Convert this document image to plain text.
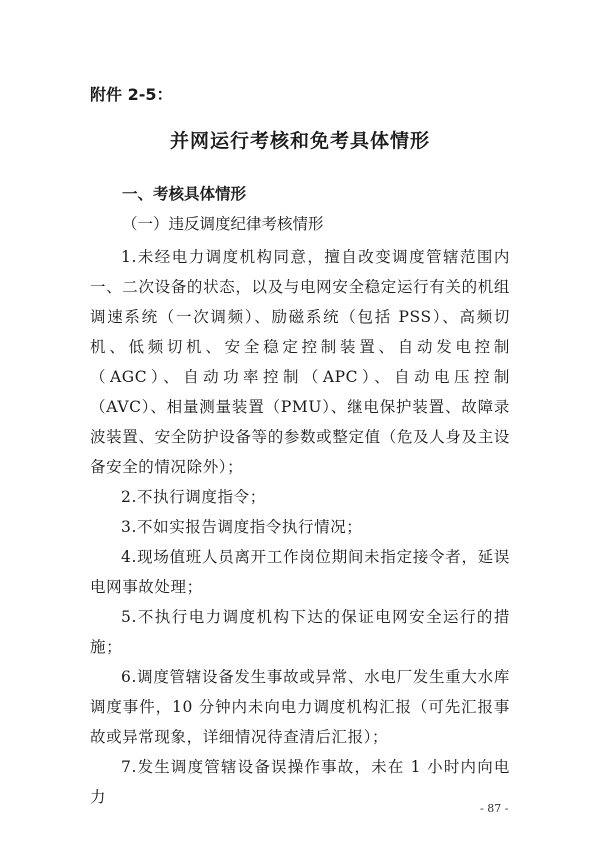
附件 2-5：
并网运行考核和免考具体情形
一、考核具体情形
（一）违反调度纪律考核情形

1.未经电力调度机构同意，擅自改变调度管辖范围内一、二次设备的状态，以及与电网安全稳定运行有关的机组调速系统（一次调频）、励磁系统（包括 PSS）、高频切机、低频切机、安全稳定控制装置、自动发电控制（AGC）、自动功率控制（APC）、自动电压控制（AVC）、相量测量装置（PMU）、继电保护装置、故障录波装置、安全防护设备等的参数或整定值（危及人身及主设备安全的情况除外）；

2.不执行调度指令；

3.不如实报告调度指令执行情况；

4.现场值班人员离开工作岗位期间未指定接令者，延误电网事故处理；

5.不执行电力调度机构下达的保证电网安全运行的措施；

6.调度管辖设备发生事故或异常、水电厂发生重大水库调度事件，10 分钟内未向电力调度机构汇报（可先汇报事故或异常现象，详细情况待查清后汇报）；

7.发生调度管辖设备误操作事故，未在 1 小时内向电力

- 87 -
